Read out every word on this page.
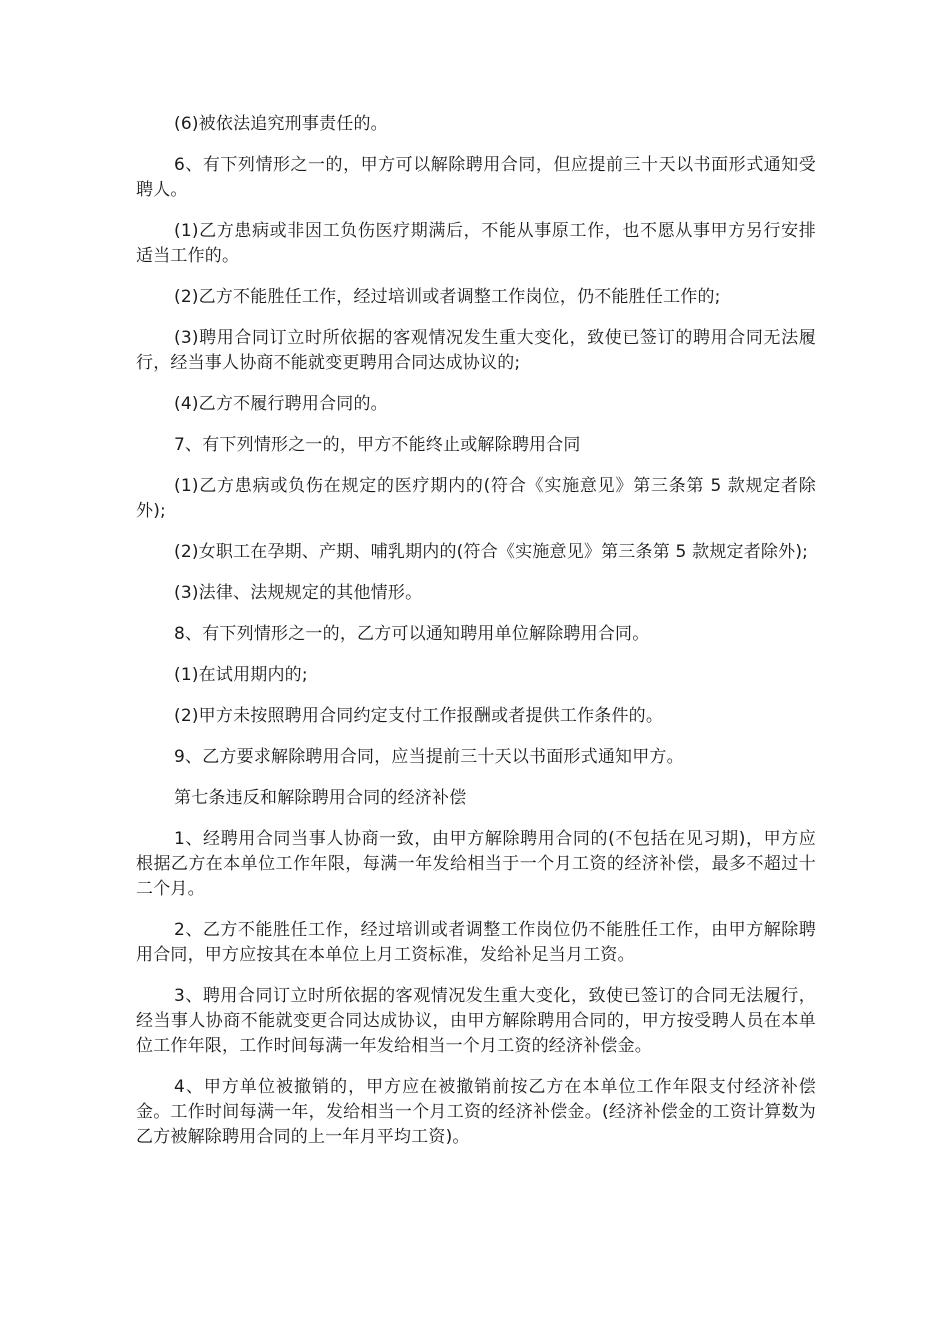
(6)被依法追究刑事责任的。

6、有下列情形之一的，甲方可以解除聘用合同，但应提前三十天以书面形式通知受聘人。

(1)乙方患病或非因工负伤医疗期满后，不能从事原工作，也不愿从事甲方另行安排适当工作的。

(2)乙方不能胜任工作，经过培训或者调整工作岗位，仍不能胜任工作的;

(3)聘用合同订立时所依据的客观情况发生重大变化，致使已签订的聘用合同无法履行，经当事人协商不能就变更聘用合同达成协议的;

(4)乙方不履行聘用合同的。

7、有下列情形之一的，甲方不能终止或解除聘用合同

(1)乙方患病或负伤在规定的医疗期内的(符合《实施意见》第三条第 5 款规定者除外);

(2)女职工在孕期、产期、哺乳期内的(符合《实施意见》第三条第 5 款规定者除外);

(3)法律、法规规定的其他情形。

8、有下列情形之一的，乙方可以通知聘用单位解除聘用合同。

(1)在试用期内的;

(2)甲方未按照聘用合同约定支付工作报酬或者提供工作条件的。

9、乙方要求解除聘用合同，应当提前三十天以书面形式通知甲方。

第七条违反和解除聘用合同的经济补偿

1、经聘用合同当事人协商一致，由甲方解除聘用合同的(不包括在见习期)，甲方应根据乙方在本单位工作年限，每满一年发给相当于一个月工资的经济补偿，最多不超过十二个月。

2、乙方不能胜任工作，经过培训或者调整工作岗位仍不能胜任工作，由甲方解除聘用合同，甲方应按其在本单位上月工资标准，发给补足当月工资。

3、聘用合同订立时所依据的客观情况发生重大变化，致使已签订的合同无法履行，经当事人协商不能就变更合同达成协议，由甲方解除聘用合同的，甲方按受聘人员在本单位工作年限，工作时间每满一年发给相当一个月工资的经济补偿金。

4、甲方单位被撤销的，甲方应在被撤销前按乙方在本单位工作年限支付经济补偿金。工作时间每满一年，发给相当一个月工资的经济补偿金。(经济补偿金的工资计算数为乙方被解除聘用合同的上一年月平均工资)。
